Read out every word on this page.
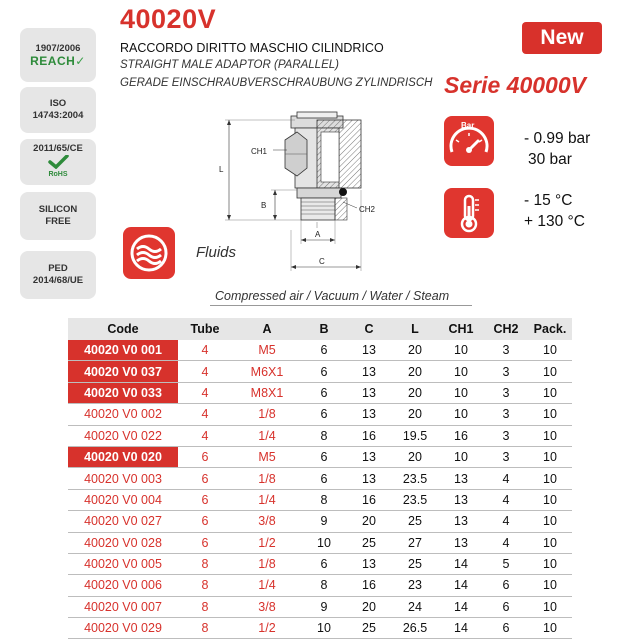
1907/2006
REACH✓
ISO
14743:2004
2011/65/CE
RoHS
SILICON
FREE
PED
2014/68/UE
40020V
New
RACCORDO DIRITTO MASCHIO CILINDRICO
STRAIGHT MALE ADAPTOR (PARALLEL)
GERADE EINSCHRAUBVERSCHRAUBUNG ZYLINDRISCH Serie 40000V
CH1
CH2
L
B
A
C
Bar
- 0.99 bar
30 bar
- 15 °C
+ 130 °C
Fluids
Compressed air / Vacuum / Water / Steam
Code	Tube	A	B	C	L	CH1	CH2	Pack.
40020 V0 001	4	M5	6	13	20	10	3	10
40020 V0 037	4	M6X1	6	13	20	10	3	10
40020 V0 033	4	M8X1	6	13	20	10	3	10
40020 V0 002	4	1/8	6	13	20	10	3	10
40020 V0 022	4	1/4	8	16	19.5	16	3	10
40020 V0 020	6	M5	6	13	20	10	3	10
40020 V0 003	6	1/8	6	13	23.5	13	4	10
40020 V0 004	6	1/4	8	16	23.5	13	4	10
40020 V0 027	6	3/8	9	20	25	13	4	10
40020 V0 028	6	1/2	10	25	27	13	4	10
40020 V0 005	8	1/8	6	13	25	14	5	10
40020 V0 006	8	1/4	8	16	23	14	6	10
40020 V0 007	8	3/8	9	20	24	14	6	10
40020 V0 029	8	1/2	10	25	26.5	14	6	10
